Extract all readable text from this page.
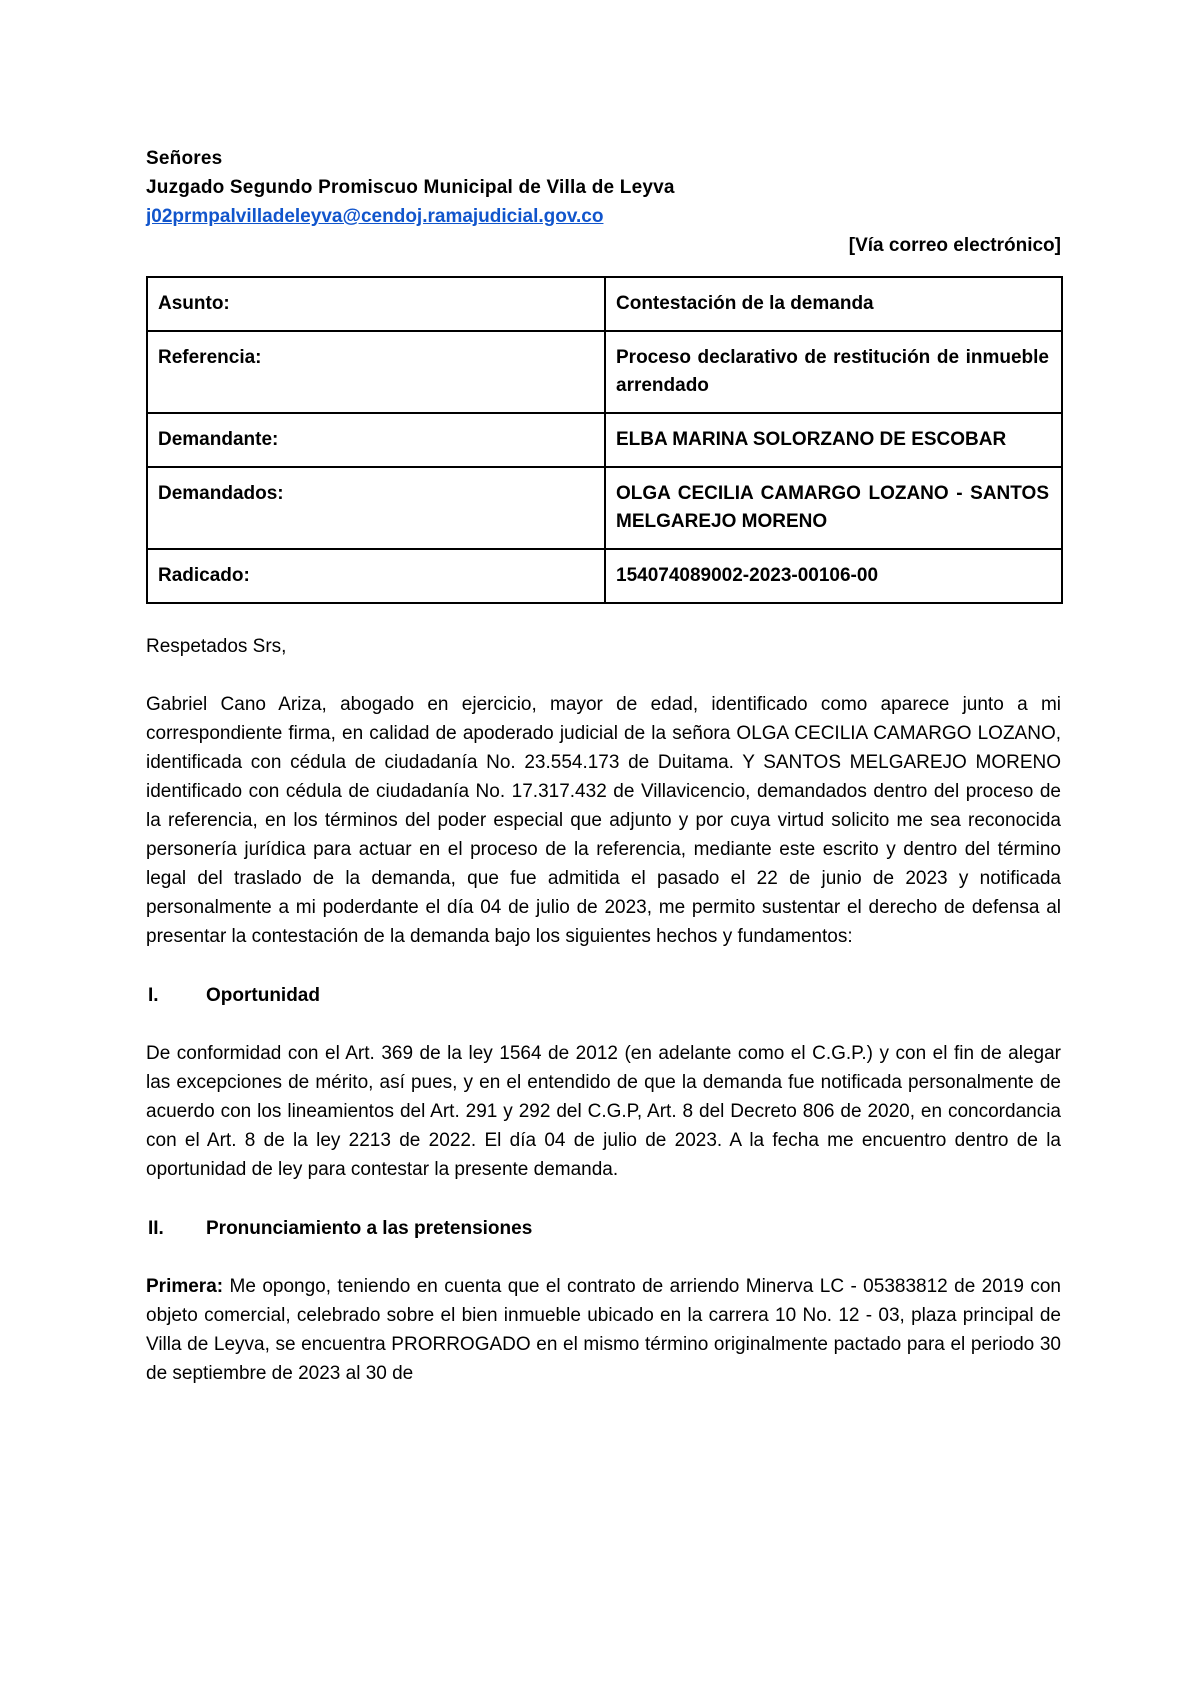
Señores

Juzgado Segundo Promiscuo Municipal de Villa de Leyva

j02prmpalvilladeleyva@cendoj.ramajudicial.gov.co
[Vía correo electrónico]
Asunto:	Contestación de la demanda
Referencia:	Proceso declarativo de restitución de inmueble arrendado
Demandante:	ELBA MARINA SOLORZANO DE ESCOBAR
Demandados:	OLGA CECILIA CAMARGO LOZANO - SANTOS MELGAREJO MORENO
Radicado:	154074089002-2023-00106-00

Respetados Srs,

Gabriel Cano Ariza, abogado en ejercicio, mayor de edad, identificado como aparece junto a mi correspondiente firma, en calidad de apoderado judicial de la señora OLGA CECILIA CAMARGO LOZANO, identificada con cédula de ciudadanía No. 23.554.173 de Duitama. Y SANTOS MELGAREJO MORENO identificado con cédula de ciudadanía No. 17.317.432 de Villavicencio, demandados dentro del proceso de la referencia, en los términos del poder especial que adjunto y por cuya virtud solicito me sea reconocida personería jurídica para actuar en el proceso de la referencia, mediante este escrito y dentro del término legal del traslado de la demanda, que fue admitida el pasado el 22 de junio de 2023 y notificada personalmente a mi poderdante el día 04 de julio de 2023, me permito sustentar el derecho de defensa al presentar la contestación de la demanda bajo los siguientes hechos y fundamentos:

I.	Oportunidad

De conformidad con el Art. 369 de la ley 1564 de 2012 (en adelante como el C.G.P.) y con el fin de alegar las excepciones de mérito, así pues, y en el entendido de que la demanda fue notificada personalmente de acuerdo con los lineamientos del Art. 291 y 292 del C.G.P, Art. 8 del Decreto 806 de 2020, en concordancia con el Art. 8 de la ley 2213 de 2022. El día 04 de julio de 2023. A la fecha me encuentro dentro de la oportunidad de ley para contestar la presente demanda.

II.	Pronunciamiento a las pretensiones

Primera: Me opongo, teniendo en cuenta que el contrato de arriendo Minerva LC - 05383812 de 2019 con objeto comercial, celebrado sobre el bien inmueble ubicado en la carrera 10 No. 12 - 03, plaza principal de Villa de Leyva, se encuentra PRORROGADO en el mismo término originalmente pactado para el periodo 30 de septiembre de 2023 al 30 de
